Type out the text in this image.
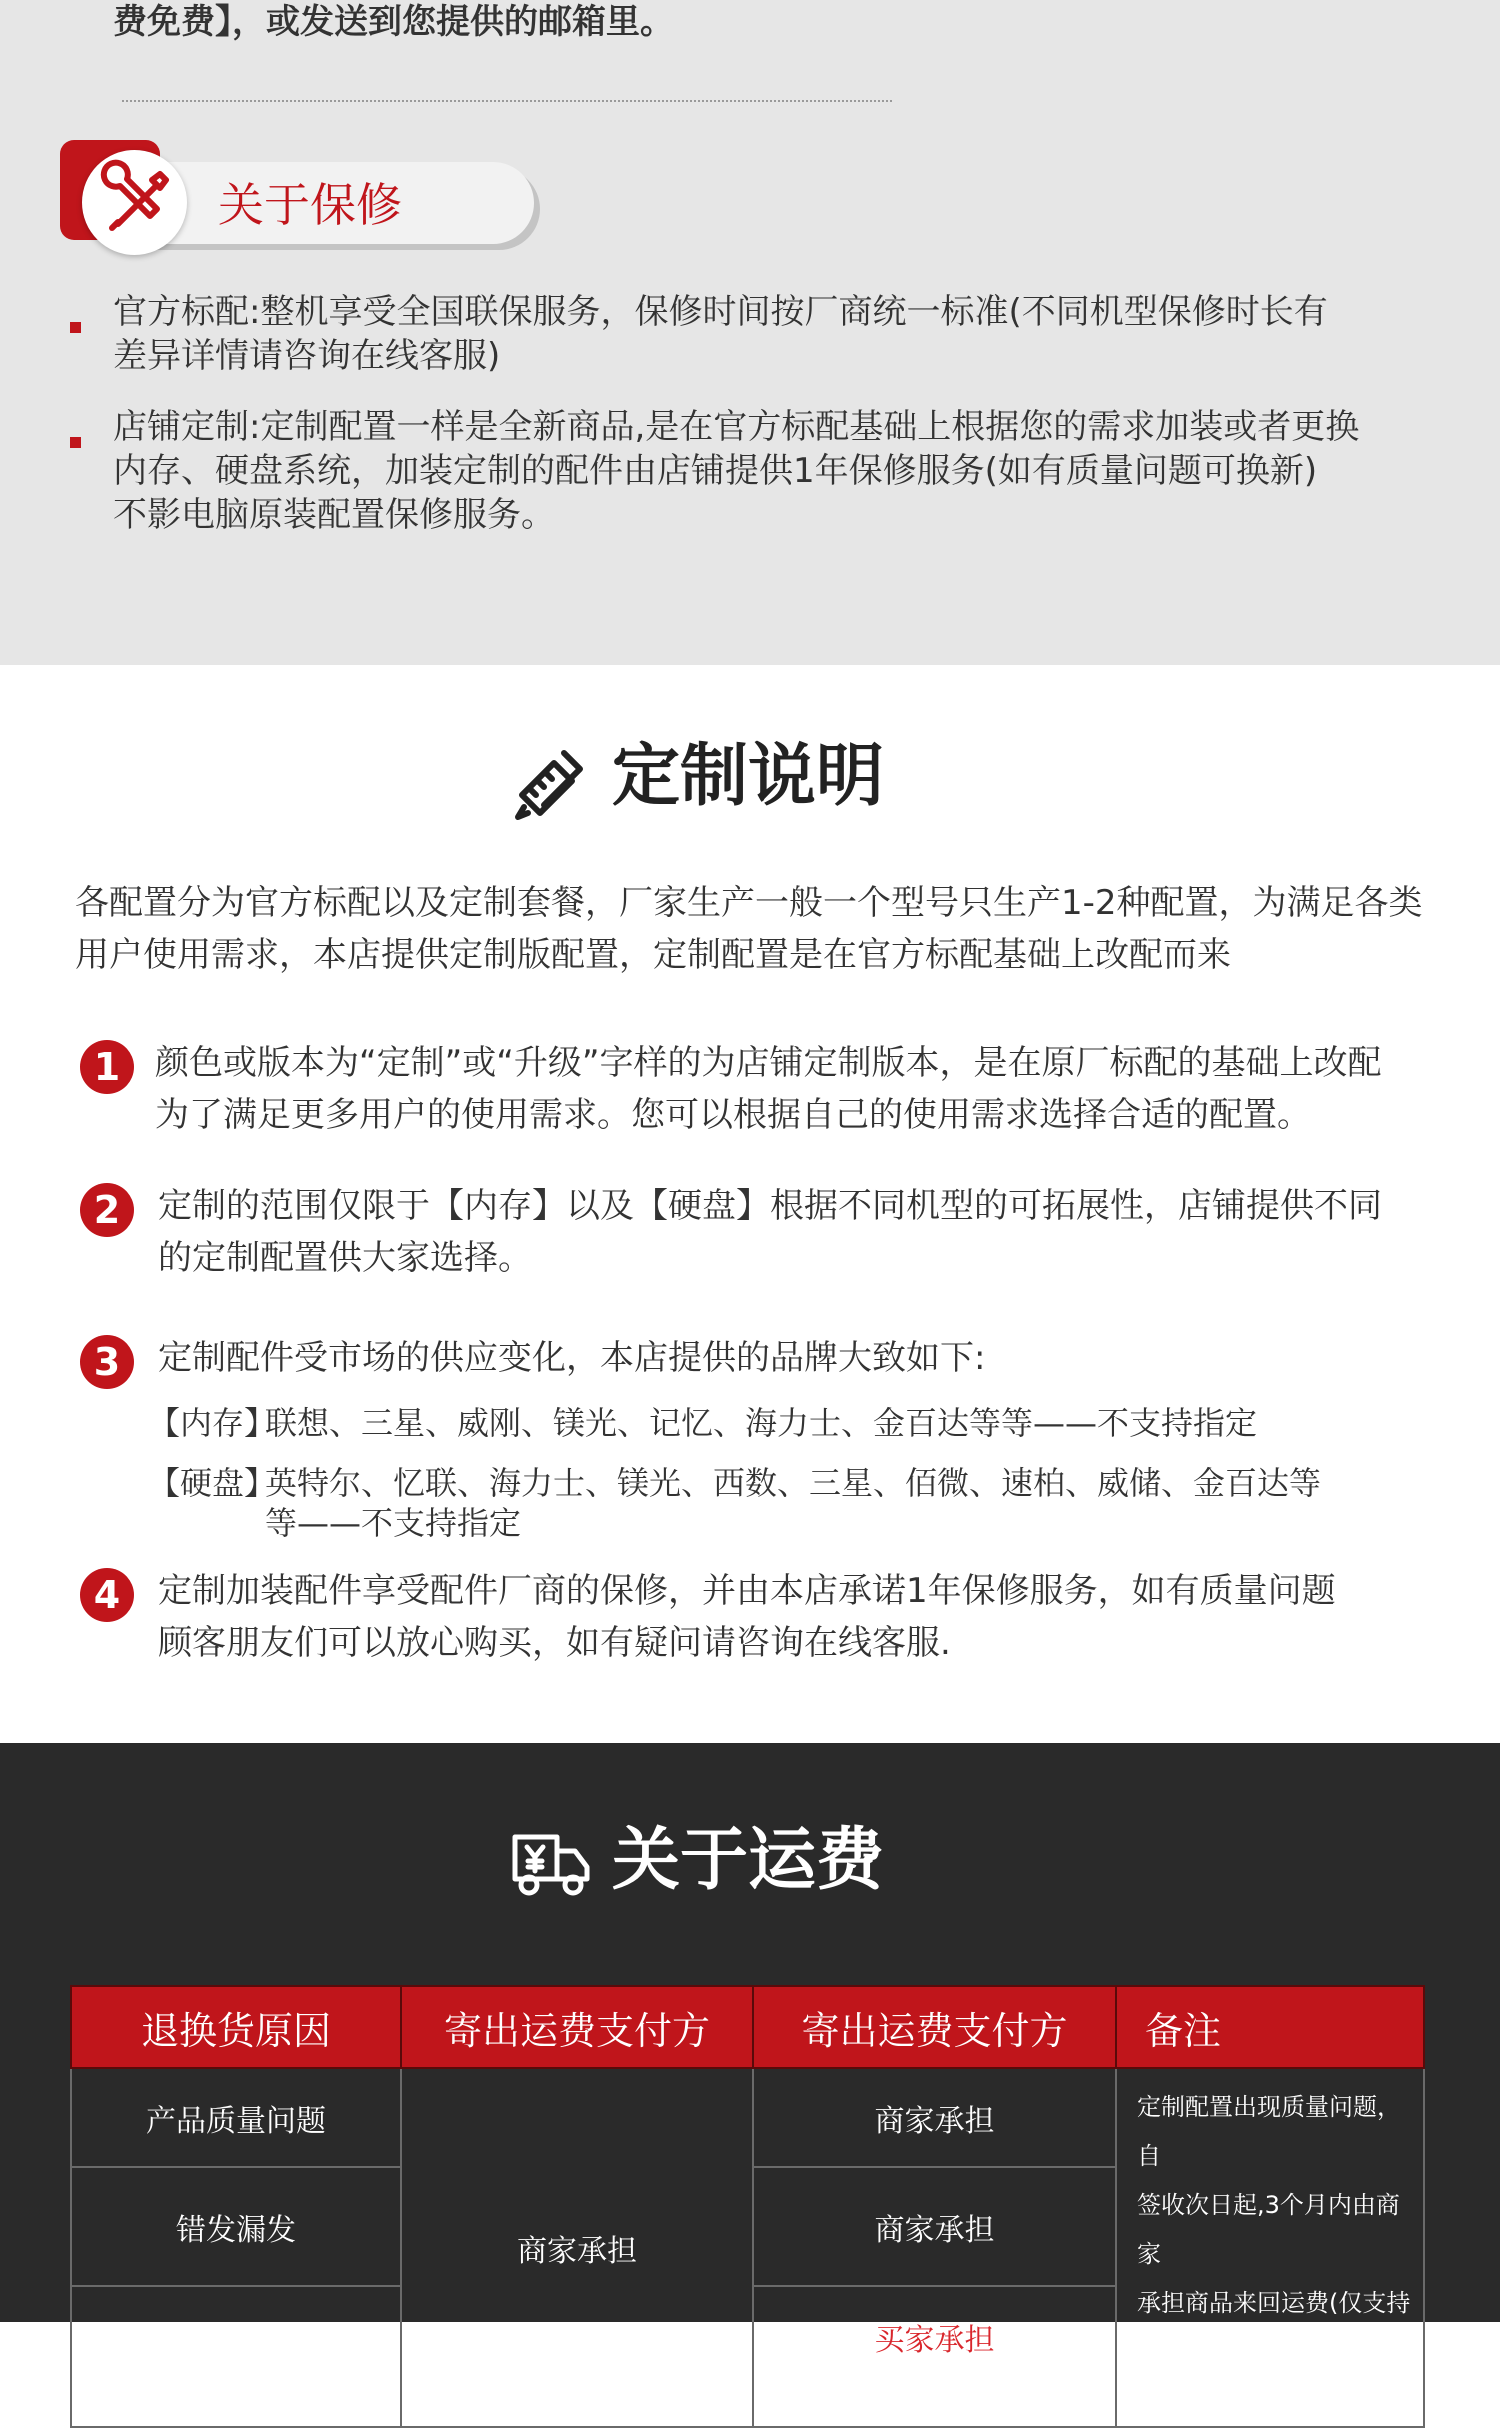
费免费】，或发送到您提供的邮箱里。
关于保修
官方标配:整机享受全国联保服务，保修时间按厂商统一标准(不同机型保修时长有
差异详情请咨询在线客服)
店铺定制:定制配置一样是全新商品,是在官方标配基础上根据您的需求加装或者更换
内存、硬盘系统，加装定制的配件由店铺提供1年保修服务(如有质量问题可换新)
不影电脑原装配置保修服务。
定制说明
各配置分为官方标配以及定制套餐，厂家生产一般一个型号只生产1-2种配置，为满足各类
用户使用需求，本店提供定制版配置，定制配置是在官方标配基础上改配而来
1	颜色或版本为“定制”或“升级”字样的为店铺定制版本，是在原厂标配的基础上改配
为了满足更多用户的使用需求。您可以根据自己的使用需求选择合适的配置。
2	定制的范围仅限于【内存】以及【硬盘】根据不同机型的可拓展性，店铺提供不同
的定制配置供大家选择。
3	定制配件受市场的供应变化，本店提供的品牌大致如下:
【内存】
联想、三星、威刚、镁光、记忆、海力士、金百达等等——不支持指定
【硬盘】
英特尔、忆联、海力士、镁光、西数、三星、佰微、速柏、威储、金百达等
等——不支持指定
4	定制加装配件享受配件厂商的保修，并由本店承诺1年保修服务，如有质量问题
顾客朋友们可以放心购买，如有疑问请咨询在线客服.
关于运费
退换货原因	寄出运费支付方	寄出运费支付方	备注
产品质量问题	商家承担	商家承担	定制配置出现质量问题，自
签收次日起,3个月内由商家
承担商品来回运费(仅支持
支持报销运费，不包涵保
价，3个月后买家自行承

错发漏发		商家承担	
个人原因退换		买家承担	
